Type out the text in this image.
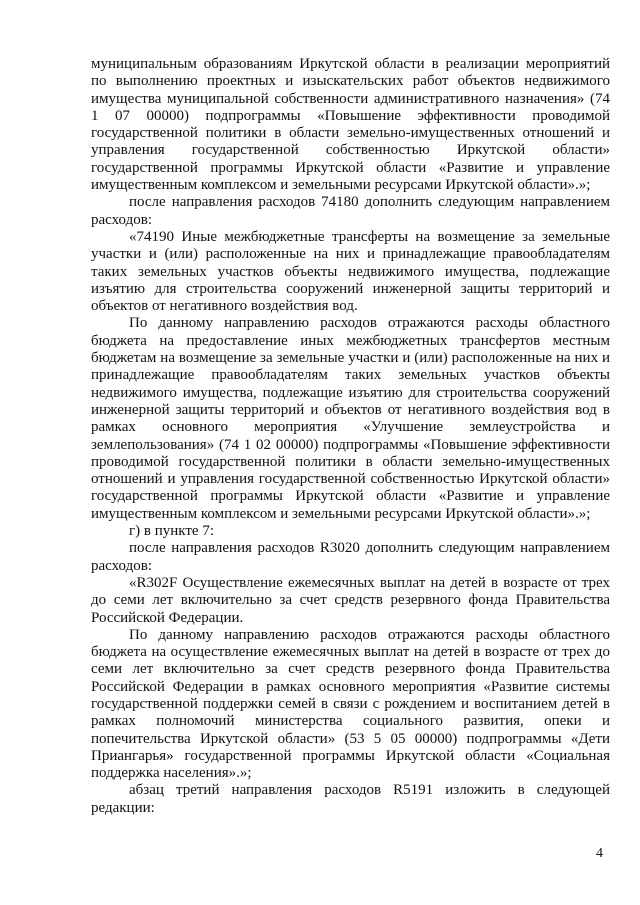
муниципальным образованиям Иркутской области в реализации мероприятий по выполнению проектных и изыскательских работ объектов недвижимого имущества муниципальной собственности административного назначения» (74 1 07 00000) подпрограммы «Повышение эффективности проводимой государственной политики в области земельно-имущественных отношений и управления государственной собственностью Иркутской области» государственной программы Иркутской области «Развитие и управление имущественным комплексом и земельными ресурсами Иркутской области».»;

после направления расходов 74180 дополнить следующим направлением расходов:

«74190 Иные межбюджетные трансферты на возмещение за земельные участки и (или) расположенные на них и принадлежащие правообладателям таких земельных участков объекты недвижимого имущества, подлежащие изъятию для строительства сооружений инженерной защиты территорий и объектов от негативного воздействия вод.

По данному направлению расходов отражаются расходы областного бюджета на предоставление иных межбюджетных трансфертов местным бюджетам на возмещение за земельные участки и (или) расположенные на них и принадлежащие правообладателям таких земельных участков объекты недвижимого имущества, подлежащие изъятию для строительства сооружений инженерной защиты территорий и объектов от негативного воздействия вод в рамках основного мероприятия «Улучшение землеустройства и землепользования» (74 1 02 00000) подпрограммы «Повышение эффективности проводимой государственной политики в области земельно-имущественных отношений и управления государственной собственностью Иркутской области» государственной программы Иркутской области «Развитие и управление имущественным комплексом и земельными ресурсами Иркутской области».»;

г) в пункте 7:

после направления расходов R3020 дополнить следующим направлением расходов:

«R302F Осуществление ежемесячных выплат на детей в возрасте от трех до семи лет включительно за счет средств резервного фонда Правительства Российской Федерации.

По данному направлению расходов отражаются расходы областного бюджета на осуществление ежемесячных выплат на детей в возрасте от трех до семи лет включительно за счет средств резервного фонда Правительства Российской Федерации в рамках основного мероприятия «Развитие системы государственной поддержки семей в связи с рождением и воспитанием детей в рамках полномочий министерства социального развития, опеки и попечительства Иркутской области» (53 5 05 00000) подпрограммы «Дети Приангарья» государственной программы Иркутской области «Социальная поддержка населения».»;

абзац третий направления расходов R5191 изложить в следующей редакции:

4
